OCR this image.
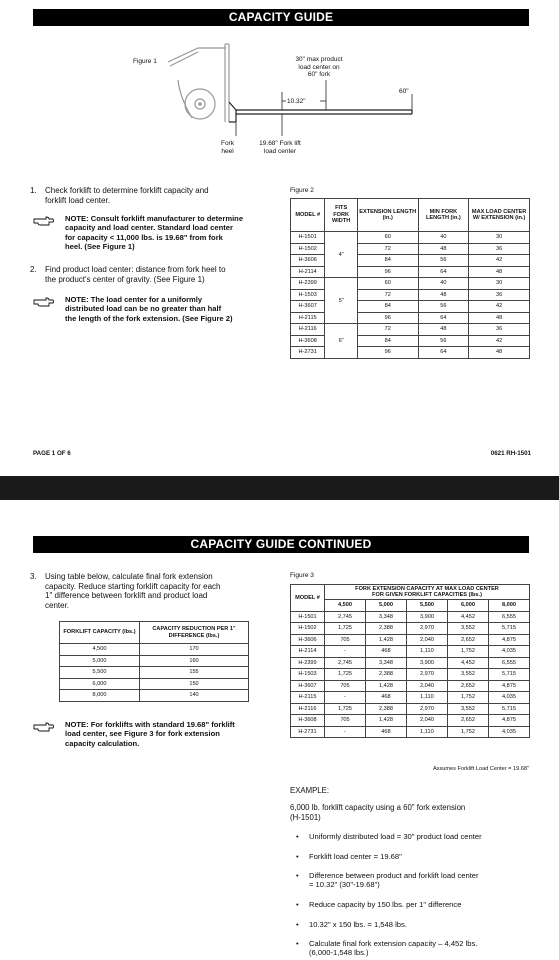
CAPACITY GUIDE
Figure 1	30" max product
load center on
60" fork
60"
10.32"
Fork
heel
19.68" Fork lift
load center
1. Check forklift to determine forklift capacity and
forklift load center.
NOTE: Consult forklift manufacturer to determine
capacity and load center. Standard load center
for capacity < 11,000 lbs. is 19.68" from fork
heel. (See Figure 1)
2. Find product load center: distance from fork heel to
the product's center of gravity. (See Figure 1)
NOTE: The load center for a uniformly
distributed load can be no greater than half
the length of the fork extension. (See Figure 2)
Figure 2
MODEL #	FITS FORK WIDTH	EXTENSION LENGTH (in.)	MIN FORK LENGTH (in.)	MAX LOAD CENTER W/ EXTENSION (in.)
H-1501	4"	60	40	30
H-1502		72	48	36
H-3606		84	56	42
H-2114		96	64	48
H-2399	5"	60	40	30
H-1503		72	48	36
H-3607		84	56	42
H-2115		96	64	48
H-2116	6"	72	48	36
H-3608		84	56	42
H-2731		96	64	48
PAGE 1 OF 6	0621 RH-1501
CAPACITY GUIDE CONTINUED
3. Using table below, calculate final fork extension
capacity. Reduce starting forklift capacity for each
1" difference between forklift and product load
center.
FORKLIFT CAPACITY (lbs.)	CAPACITY REDUCTION PER 1" DIFFERENCE (lbs.)
4,500	170
5,000	160
5,500	155
6,000	150
8,000	140
NOTE: For forklifts with standard 19.68" forklift
load center, see Figure 3 for fork extension
capacity calculation.
Figure 3
MODEL #	FORK EXTENSION CAPACITY AT MAX LOAD CENTER
FOR GIVEN FORKLIFT CAPACITIES (lbs.)				

	4,500	5,000	5,500	6,000	8,000
H-1501	2,745	3,348	3,900	4,452	6,555
H-1502	1,725	2,388	2,970	3,552	5,715
H-3606	705	1,428	2,040	2,652	4,875
H-2114	-	468	1,110	1,752	4,035
H-2399	2,745	3,348	3,900	4,452	6,555
H-1503	1,725	2,388	2,970	3,552	5,715
H-3607	705	1,428	2,040	2,652	4,875
H-2115	-	468	1,110	1,752	4,035
H-2116	1,725	2,388	2,970	3,552	5,715
H-3608	705	1,428	2,040	2,652	4,875
H-2731	-	468	1,110	1,752	4,035
Assumes Forklift Load Center = 19.68"
EXAMPLE:
6,000 lb. forklift capacity using a 60" fork extension
(H-1501)
• Uniformly distributed load = 30" product load center
• Forklift load center = 19.68"
• Difference between product and forklift load center
= 10.32" (30"-19.68")
• Reduce capacity by 150 lbs. per 1" difference
• 10.32" x 150 lbs. = 1,548 lbs.
• Calculate final fork extension capacity – 4,452 lbs.
(6,000-1,548 lbs.)
